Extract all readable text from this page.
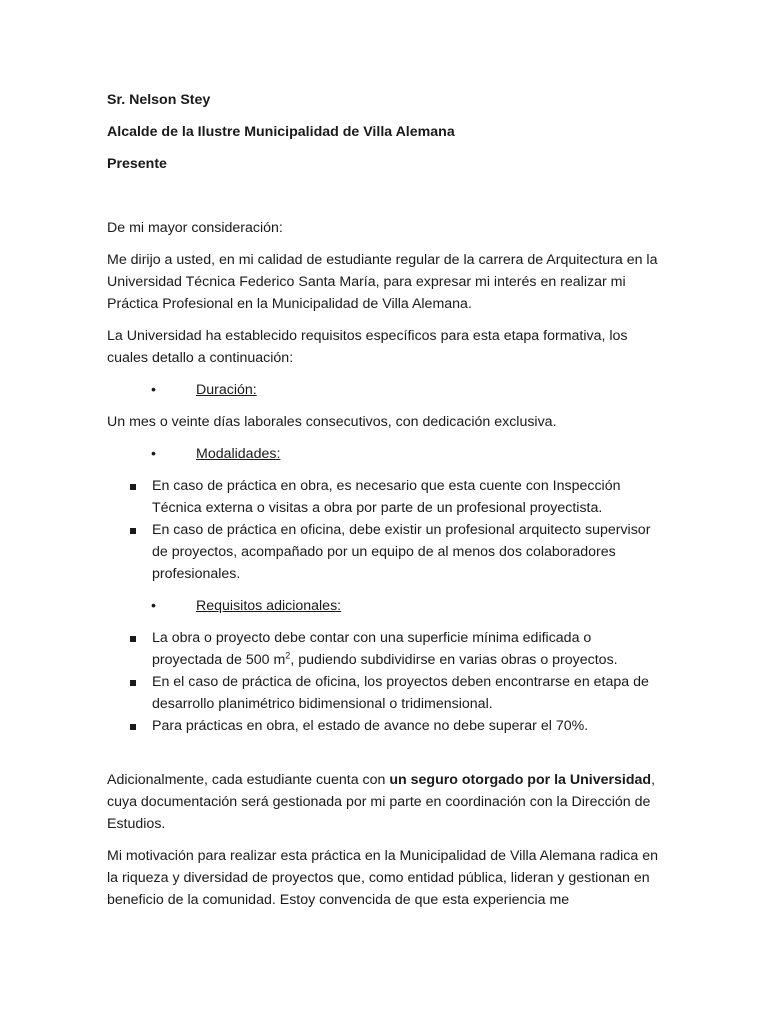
Sr. Nelson Stey

Alcalde de la Ilustre Municipalidad de Villa Alemana

Presente

De mi mayor consideración:

Me dirijo a usted, en mi calidad de estudiante regular de la carrera de Arquitectura en la Universidad Técnica Federico Santa María, para expresar mi interés en realizar mi Práctica Profesional en la Municipalidad de Villa Alemana.

La Universidad ha establecido requisitos específicos para esta etapa formativa, los cuales detallo a continuación:

•	Duración:

Un mes o veinte días laborales consecutivos, con dedicación exclusiva.

•	Modalidades:
En caso de práctica en obra, es necesario que esta cuente con Inspección Técnica externa o visitas a obra por parte de un profesional proyectista.
En caso de práctica en oficina, debe existir un profesional arquitecto supervisor de proyectos, acompañado por un equipo de al menos dos colaboradores profesionales.
•	Requisitos adicionales:
La obra o proyecto debe contar con una superficie mínima edificada o proyectada de 500 $m^2$, pudiendo subdividirse en varias obras o proyectos.
En el caso de práctica de oficina, los proyectos deben encontrarse en etapa de desarrollo planimétrico bidimensional o tridimensional.
Para prácticas en obra, el estado de avance no debe superar el 70%.

Adicionalmente, cada estudiante cuenta con un seguro otorgado por la Universidad, cuya documentación será gestionada por mi parte en coordinación con la Dirección de Estudios.

Mi motivación para realizar esta práctica en la Municipalidad de Villa Alemana radica en la riqueza y diversidad de proyectos que, como entidad pública, lideran y gestionan en beneficio de la comunidad. Estoy convencida de que esta experiencia me
